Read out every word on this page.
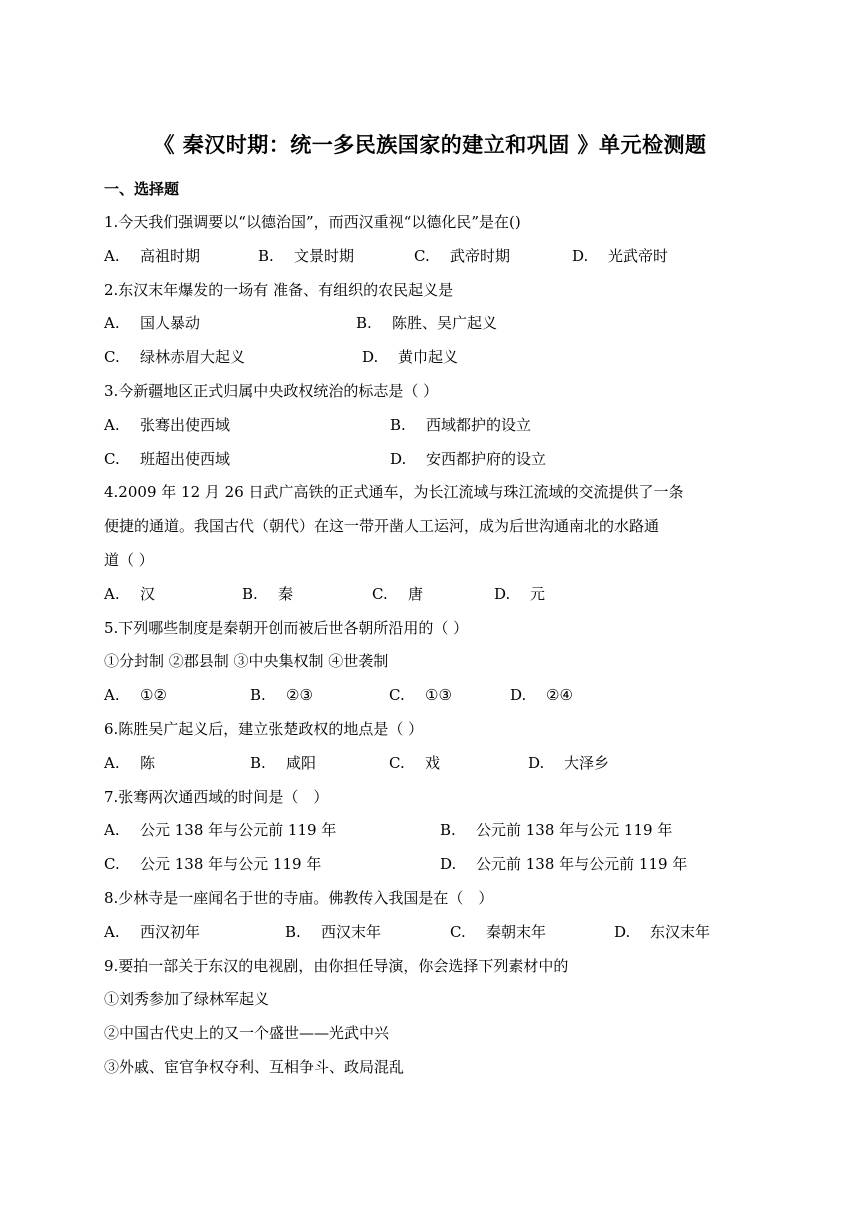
《 秦汉时期：统一多民族国家的建立和巩固 》单元检测题
一、选择题
1.今天我们强调要以“以德治国”，而西汉重视“以德化民”是在()
A. 高祖时期	B. 文景时期	C. 武帝时期	D. 光武帝时
2.东汉末年爆发的一场有 准备、有组织的农民起义是
A. 国人暴动	B. 陈胜、吴广起义
C. 绿林赤眉大起义	D. 黄巾起义
3.今新疆地区正式归属中央政权统治的标志是（ ）
A. 张骞出使西域	B. 西域都护的设立
C. 班超出使西域	D. 安西都护府的设立
4.2009 年 12 月 26 日武广高铁的正式通车，为长江流域与珠江流域的交流提供了一条
便捷的通道。我国古代（朝代）在这一带开凿人工运河，成为后世沟通南北的水路通
道（ ）
A. 汉	B. 秦	C. 唐	D. 元
5.下列哪些制度是秦朝开创而被后世各朝所沿用的（ ）
①分封制 ②郡县制 ③中央集权制 ④世袭制
A. ①②	B. ②③	C. ①③	D. ②④
6.陈胜吴广起义后，建立张楚政权的地点是（ ）
A. 陈	B. 咸阳	C. 戏	D. 大泽乡
7.张骞两次通西域的时间是（　）
A. 公元 138 年与公元前 119 年	B. 公元前 138 年与公元 119 年
C. 公元 138 年与公元 119 年	D. 公元前 138 年与公元前 119 年
8.少林寺是一座闻名于世的寺庙。佛教传入我国是在（　）
A. 西汉初年	B. 西汉末年	C. 秦朝末年	D. 东汉末年
9.要拍一部关于东汉的电视剧，由你担任导演，你会选择下列素材中的
①刘秀参加了绿林军起义
②中国古代史上的又一个盛世——光武中兴
③外戚、宦官争权夺利、互相争斗、政局混乱
